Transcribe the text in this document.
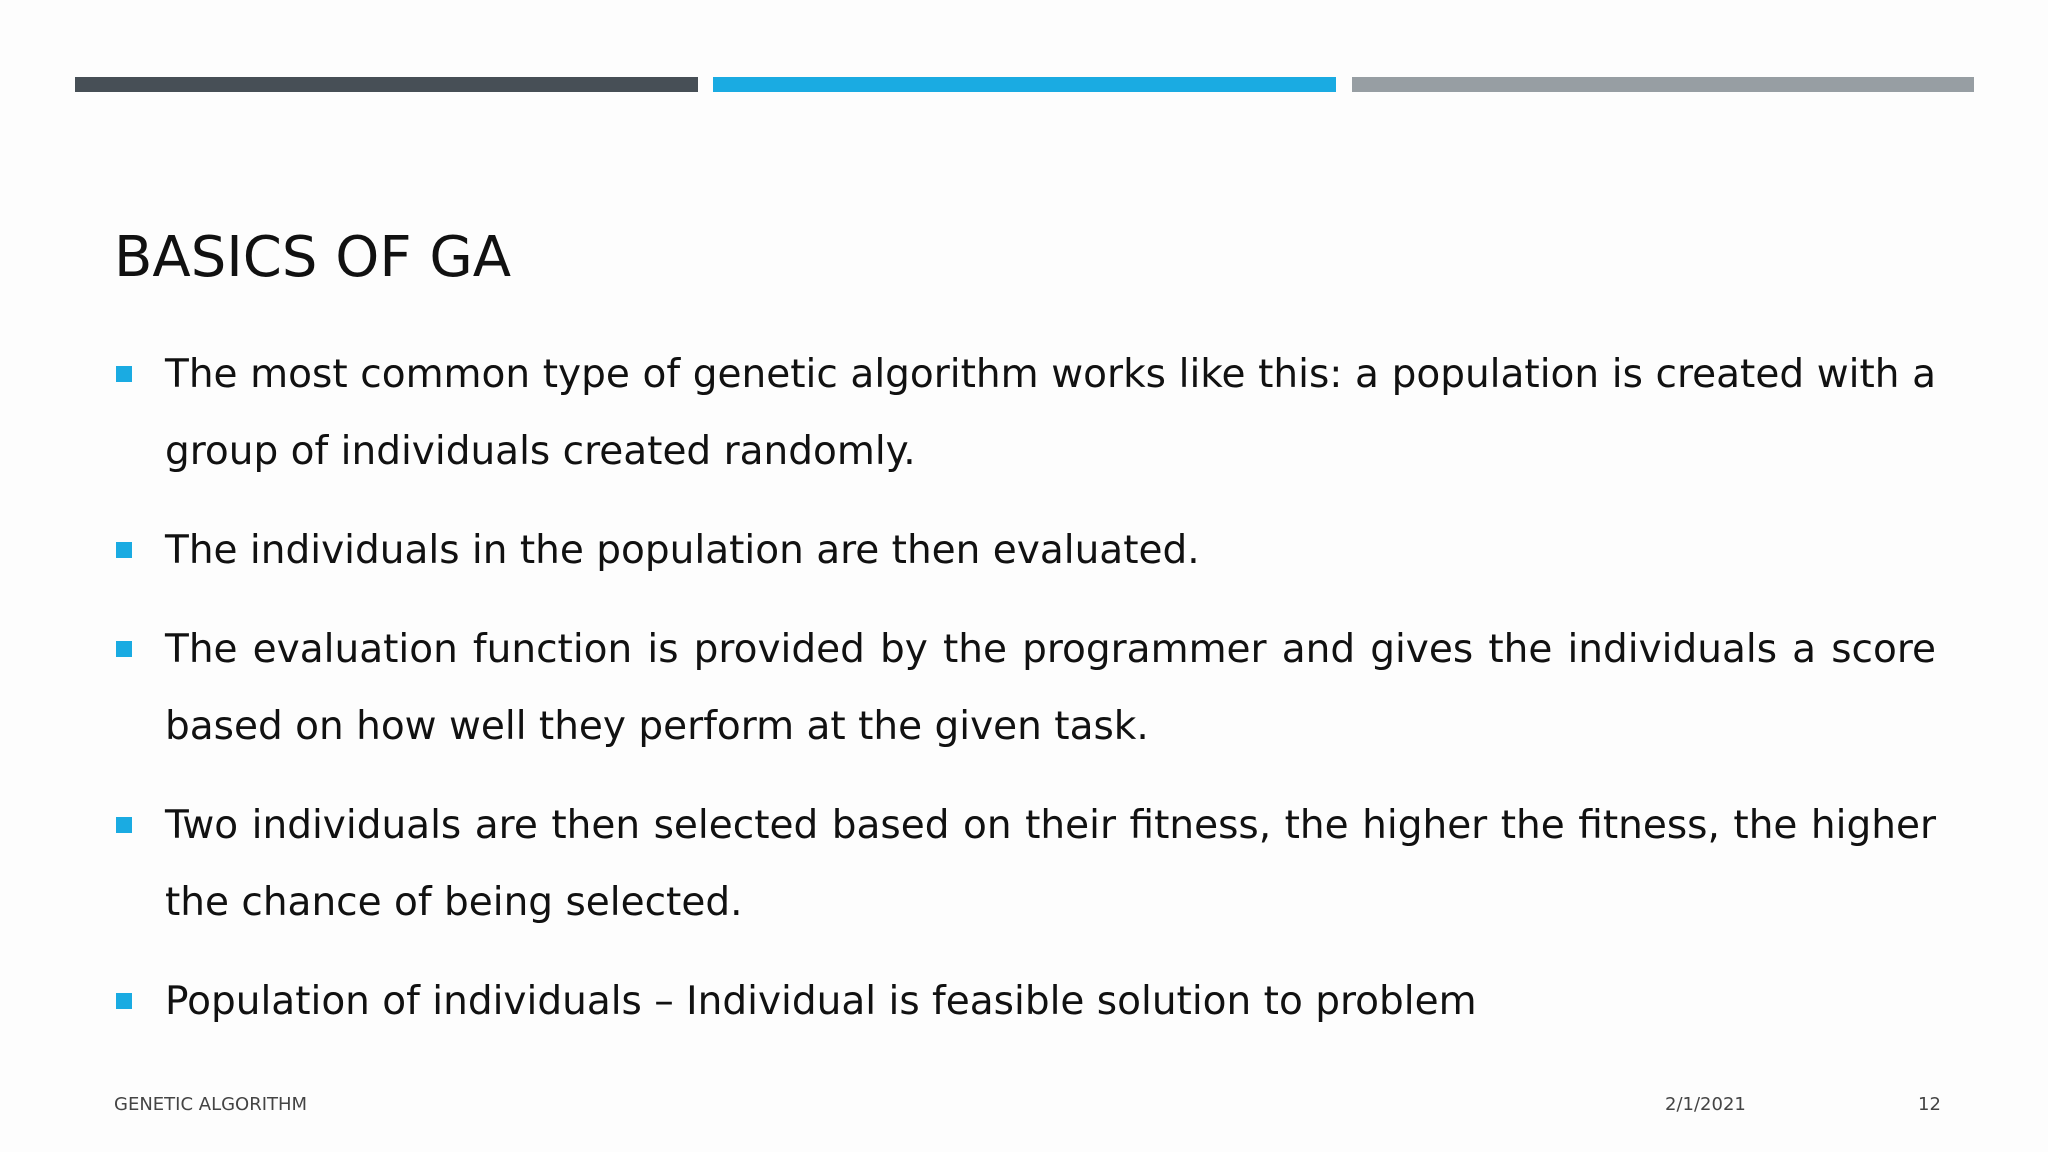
BASICS OF GA
The most common type of genetic algorithm works like this: a population is created with a group of individuals created randomly.
The individuals in the population are then evaluated.
The evaluation function is provided by the programmer and gives the individuals a score based on how well they perform at the given task.
Two individuals are then selected based on their fitness, the higher the fitness, the higher the chance of being selected.
Population of individuals – Individual is feasible solution to problem
GENETIC ALGORITHM	2/1/2021	12
